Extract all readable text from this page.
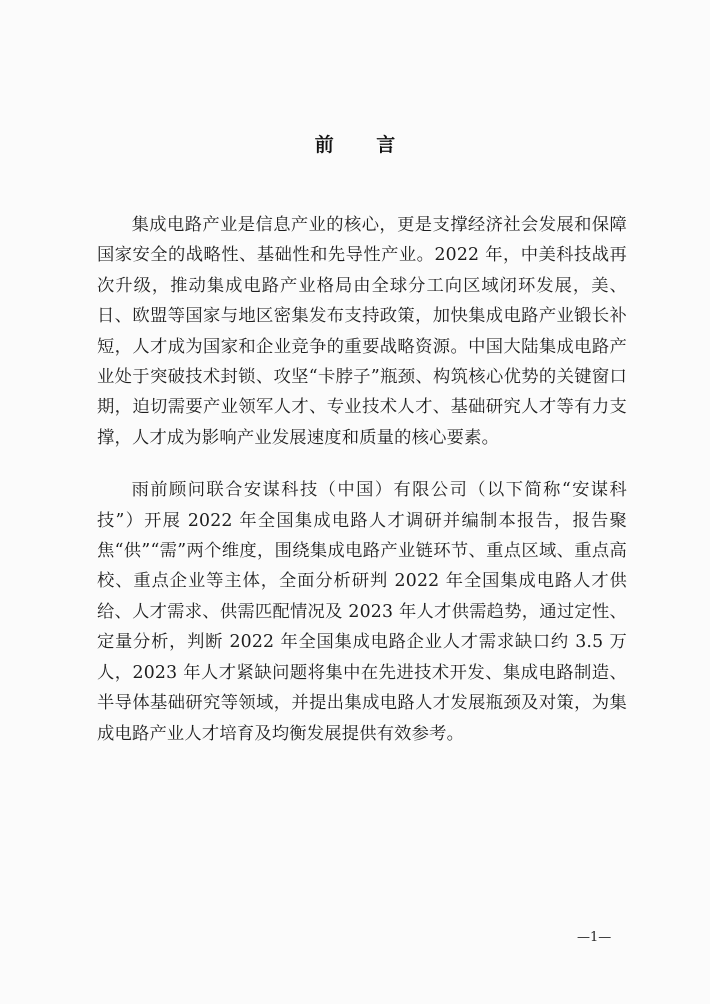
前 言

集成电路产业是信息产业的核心，更是支撑经济社会发展和保障国家安全的战略性、基础性和先导性产业。2022 年，中美科技战再次升级，推动集成电路产业格局由全球分工向区域闭环发展，美、日、欧盟等国家与地区密集发布支持政策，加快集成电路产业锻长补短，人才成为国家和企业竞争的重要战略资源。中国大陆集成电路产业处于突破技术封锁、攻坚“卡脖子”瓶颈、构筑核心优势的关键窗口期，迫切需要产业领军人才、专业技术人才、基础研究人才等有力支撑，人才成为影响产业发展速度和质量的核心要素。

雨前顾问联合安谋科技（中国）有限公司（以下简称“安谋科技”）开展 2022 年全国集成电路人才调研并编制本报告，报告聚焦“供”“需”两个维度，围绕集成电路产业链环节、重点区域、重点高校、重点企业等主体，全面分析研判 2022 年全国集成电路人才供给、人才需求、供需匹配情况及 2023 年人才供需趋势，通过定性、定量分析，判断 2022 年全国集成电路企业人才需求缺口约 3.5 万人，2023 年人才紧缺问题将集中在先进技术开发、集成电路制造、半导体基础研究等领域，并提出集成电路人才发展瓶颈及对策，为集成电路产业人才培育及均衡发展提供有效参考。

—1—
